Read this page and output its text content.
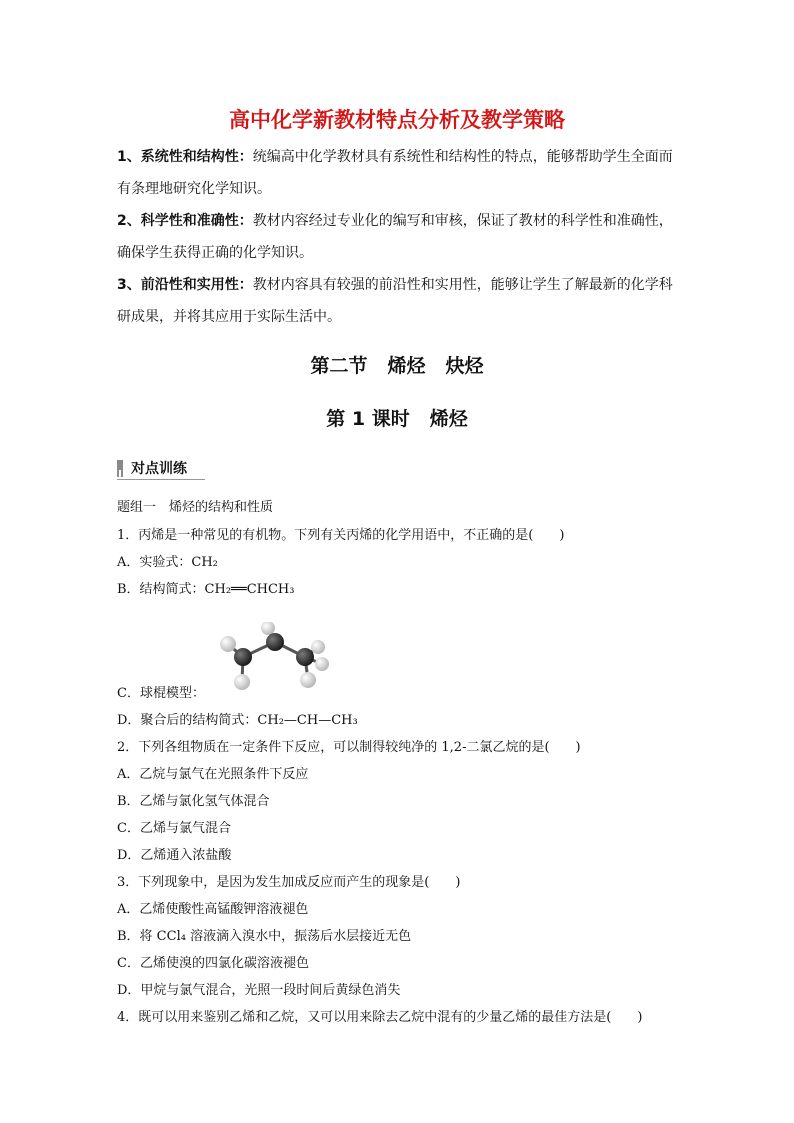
高中化学新教材特点分析及教学策略
1、系统性和结构性：统编高中化学教材具有系统性和结构性的特点，能够帮助学生全面而
有条理地研究化学知识。
2、科学性和准确性：教材内容经过专业化的编写和审核，保证了教材的科学性和准确性，
确保学生获得正确的化学知识。
3、前沿性和实用性：教材内容具有较强的前沿性和实用性，能够让学生了解最新的化学科
研成果，并将其应用于实际生活中。
第二节 烯烃 炔烃
第 1 课时 烯烃
对点训练
题组一　烯烃的结构和性质
1．丙烯是一种常见的有机物。下列有关丙烯的化学用语中，不正确的是(　　)
A．实验式：CH₂
B．结构简式：CH₂══CHCH₃
C．球棍模型：
D．聚合后的结构简式：CH₂—CH—CH₃
2．下列各组物质在一定条件下反应，可以制得较纯净的 1,2-二氯乙烷的是(　　)
A．乙烷与氯气在光照条件下反应
B．乙烯与氯化氢气体混合
C．乙烯与氯气混合
D．乙烯通入浓盐酸
3．下列现象中，是因为发生加成反应而产生的现象是(　　)
A．乙烯使酸性高锰酸钾溶液褪色
B．将 CCl₄ 溶液滴入溴水中，振荡后水层接近无色
C．乙烯使溴的四氯化碳溶液褪色
D．甲烷与氯气混合，光照一段时间后黄绿色消失
4．既可以用来鉴别乙烯和乙烷，又可以用来除去乙烷中混有的少量乙烯的最佳方法是(　　)
